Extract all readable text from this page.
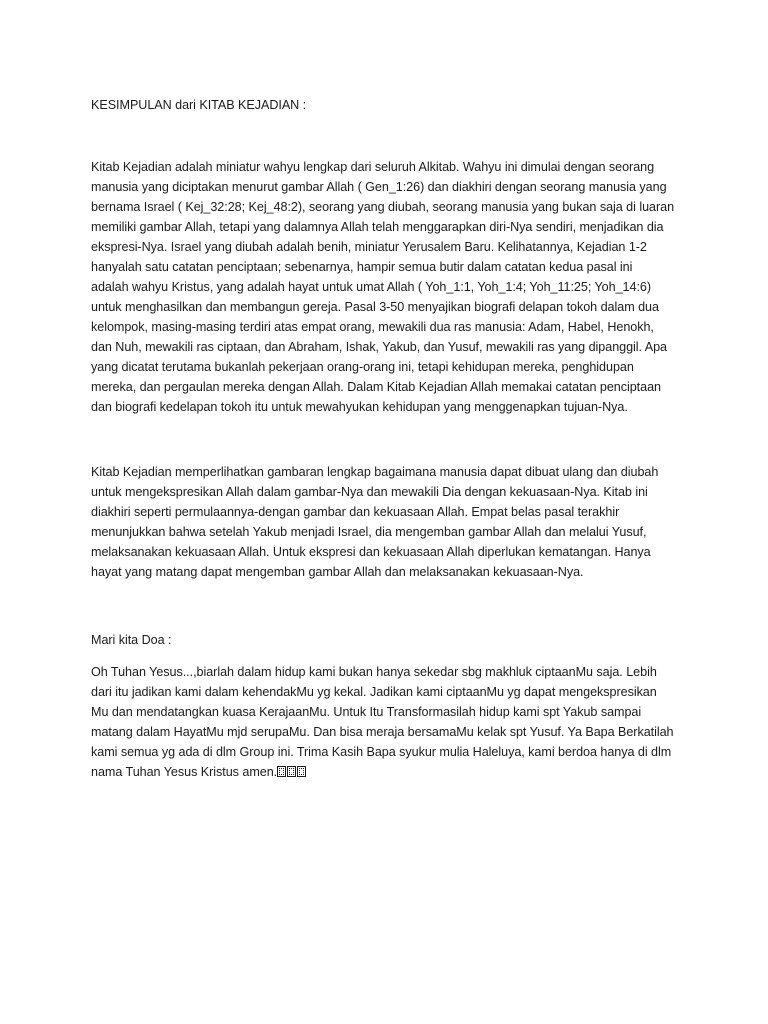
KESIMPULAN dari KITAB KEJADIAN :
Kitab Kejadian adalah miniatur wahyu lengkap dari seluruh Alkitab. Wahyu ini dimulai dengan seorang
manusia yang diciptakan menurut gambar Allah ( Gen_1:26) dan diakhiri dengan seorang manusia yang
bernama Israel ( Kej_32:28; Kej_48:2), seorang yang diubah, seorang manusia yang bukan saja di luaran
memiliki gambar Allah, tetapi yang dalamnya Allah telah menggarapkan diri-Nya sendiri, menjadikan dia
ekspresi-Nya. Israel yang diubah adalah benih, miniatur Yerusalem Baru. Kelihatannya, Kejadian 1-2
hanyalah satu catatan penciptaan; sebenarnya, hampir semua butir dalam catatan kedua pasal ini
adalah wahyu Kristus, yang adalah hayat untuk umat Allah ( Yoh_1:1, Yoh_1:4; Yoh_11:25; Yoh_14:6)
untuk menghasilkan dan membangun gereja. Pasal 3-50 menyajikan biografi delapan tokoh dalam dua
kelompok, masing-masing terdiri atas empat orang, mewakili dua ras manusia: Adam, Habel, Henokh,
dan Nuh, mewakili ras ciptaan, dan Abraham, Ishak, Yakub, dan Yusuf, mewakili ras yang dipanggil. Apa
yang dicatat terutama bukanlah pekerjaan orang-orang ini, tetapi kehidupan mereka, penghidupan
mereka, dan pergaulan mereka dengan Allah. Dalam Kitab Kejadian Allah memakai catatan penciptaan
dan biografi kedelapan tokoh itu untuk mewahyukan kehidupan yang menggenapkan tujuan-Nya.
Kitab Kejadian memperlihatkan gambaran lengkap bagaimana manusia dapat dibuat ulang dan diubah
untuk mengekspresikan Allah dalam gambar-Nya dan mewakili Dia dengan kekuasaan-Nya. Kitab ini
diakhiri seperti permulaannya-dengan gambar dan kekuasaan Allah. Empat belas pasal terakhir
menunjukkan bahwa setelah Yakub menjadi Israel, dia mengemban gambar Allah dan melalui Yusuf,
melaksanakan kekuasaan Allah. Untuk ekspresi dan kekuasaan Allah diperlukan kematangan. Hanya
hayat yang matang dapat mengemban gambar Allah dan melaksanakan kekuasaan-Nya.
Mari kita Doa :
Oh Tuhan Yesus...,biarlah dalam hidup kami bukan hanya sekedar sbg makhluk ciptaanMu saja. Lebih
dari itu jadikan kami dalam kehendakMu yg kekal. Jadikan kami ciptaanMu yg dapat mengekspresikan
Mu dan mendatangkan kuasa KerajaanMu. Untuk Itu Transformasilah hidup kami spt Yakub sampai
matang dalam HayatMu mjd serupaMu. Dan bisa meraja bersamaMu kelak spt Yusuf. Ya Bapa Berkatilah
kami semua yg ada di dlm Group ini. Trima Kasih Bapa syukur mulia Haleluya, kami berdoa hanya di dlm
nama Tuhan Yesus Kristus amen.
